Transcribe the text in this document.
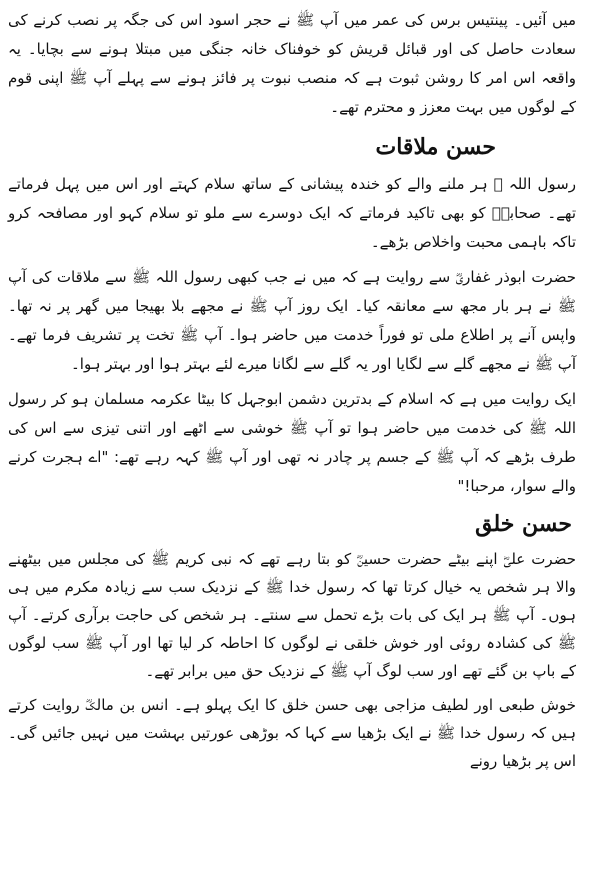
میں آئیں۔ پینتیس برس کی عمر میں آپ ﷺ نے حجر اسود اس کی جگہ پر نصب کرنے کی سعادت حاصل کی اور قبائل قریش کو خوفناک خانہ جنگی میں مبتلا ہونے سے بچایا۔ یہ واقعہ اس امر کا روشن ثبوت ہے کہ منصب نبوت پر فائز ہونے سے پہلے آپ ﷺ اپنی قوم کے لوگوں میں بہت معزز و محترم تھے۔

حسن ملاقات

رسول اللہ ﷺ ہر ملنے والے کو خندہ پیشانی کے ساتھ سلام کہتے اور اس میں پہل فرماتے تھے۔ صحابہؓ کو بھی تاکید فرماتے کہ ایک دوسرے سے ملو تو سلام کہو اور مصافحہ کرو تاکہ باہمی محبت واخلاص بڑھے۔

حضرت ابوذر غفاریؓ سے روایت ہے کہ میں نے جب کبھی رسول اللہ ﷺ سے ملاقات کی آپ ﷺ نے ہر بار مجھ سے معانقہ کیا۔ ایک روز آپ ﷺ نے مجھے بلا بھیجا میں گھر پر نہ تھا۔ واپس آنے پر اطلاع ملی تو فوراً خدمت میں حاضر ہوا۔ آپ ﷺ تخت پر تشریف فرما تھے۔ آپ ﷺ نے مجھے گلے سے لگایا اور یہ گلے سے لگانا میرے لئے بہتر ہوا اور بہتر ہوا۔

ایک روایت میں ہے کہ اسلام کے بدترین دشمن ابوجہل کا بیٹا عکرمہ مسلمان ہو کر رسول اللہ ﷺ کی خدمت میں حاضر ہوا تو آپ ﷺ خوشی سے اٹھے اور اتنی تیزی سے اس کی طرف بڑھے کہ آپ ﷺ کے جسم پر چادر نہ تھی اور آپ ﷺ کہہ رہے تھے: "اے ہجرت کرنے والے سوار، مرحبا!"

حسن خلق

حضرت علیؓ اپنے بیٹے حضرت حسینؓ کو بتا رہے تھے کہ نبی کریم ﷺ کی مجلس میں بیٹھنے والا ہر شخص یہ خیال کرتا تھا کہ رسول خدا ﷺ کے نزدیک سب سے زیادہ مکرم میں ہی ہوں۔ آپ ﷺ ہر ایک کی بات بڑے تحمل سے سنتے۔ ہر شخص کی حاجت برآری کرتے۔ آپ ﷺ کی کشادہ روئی اور خوش خلقی نے لوگوں کا احاطہ کر لیا تھا اور آپ ﷺ سب لوگوں کے باپ بن گئے تھے اور سب لوگ آپ ﷺ کے نزدیک حق میں برابر تھے۔

خوش طبعی اور لطیف مزاجی بھی حسن خلق کا ایک پہلو ہے۔ انس بن مالکؓ روایت کرتے ہیں کہ رسول خدا ﷺ نے ایک بڑھیا سے کہا کہ بوڑھی عورتیں بہشت میں نہیں جائیں گی۔ اس پر بڑھیا رونے
